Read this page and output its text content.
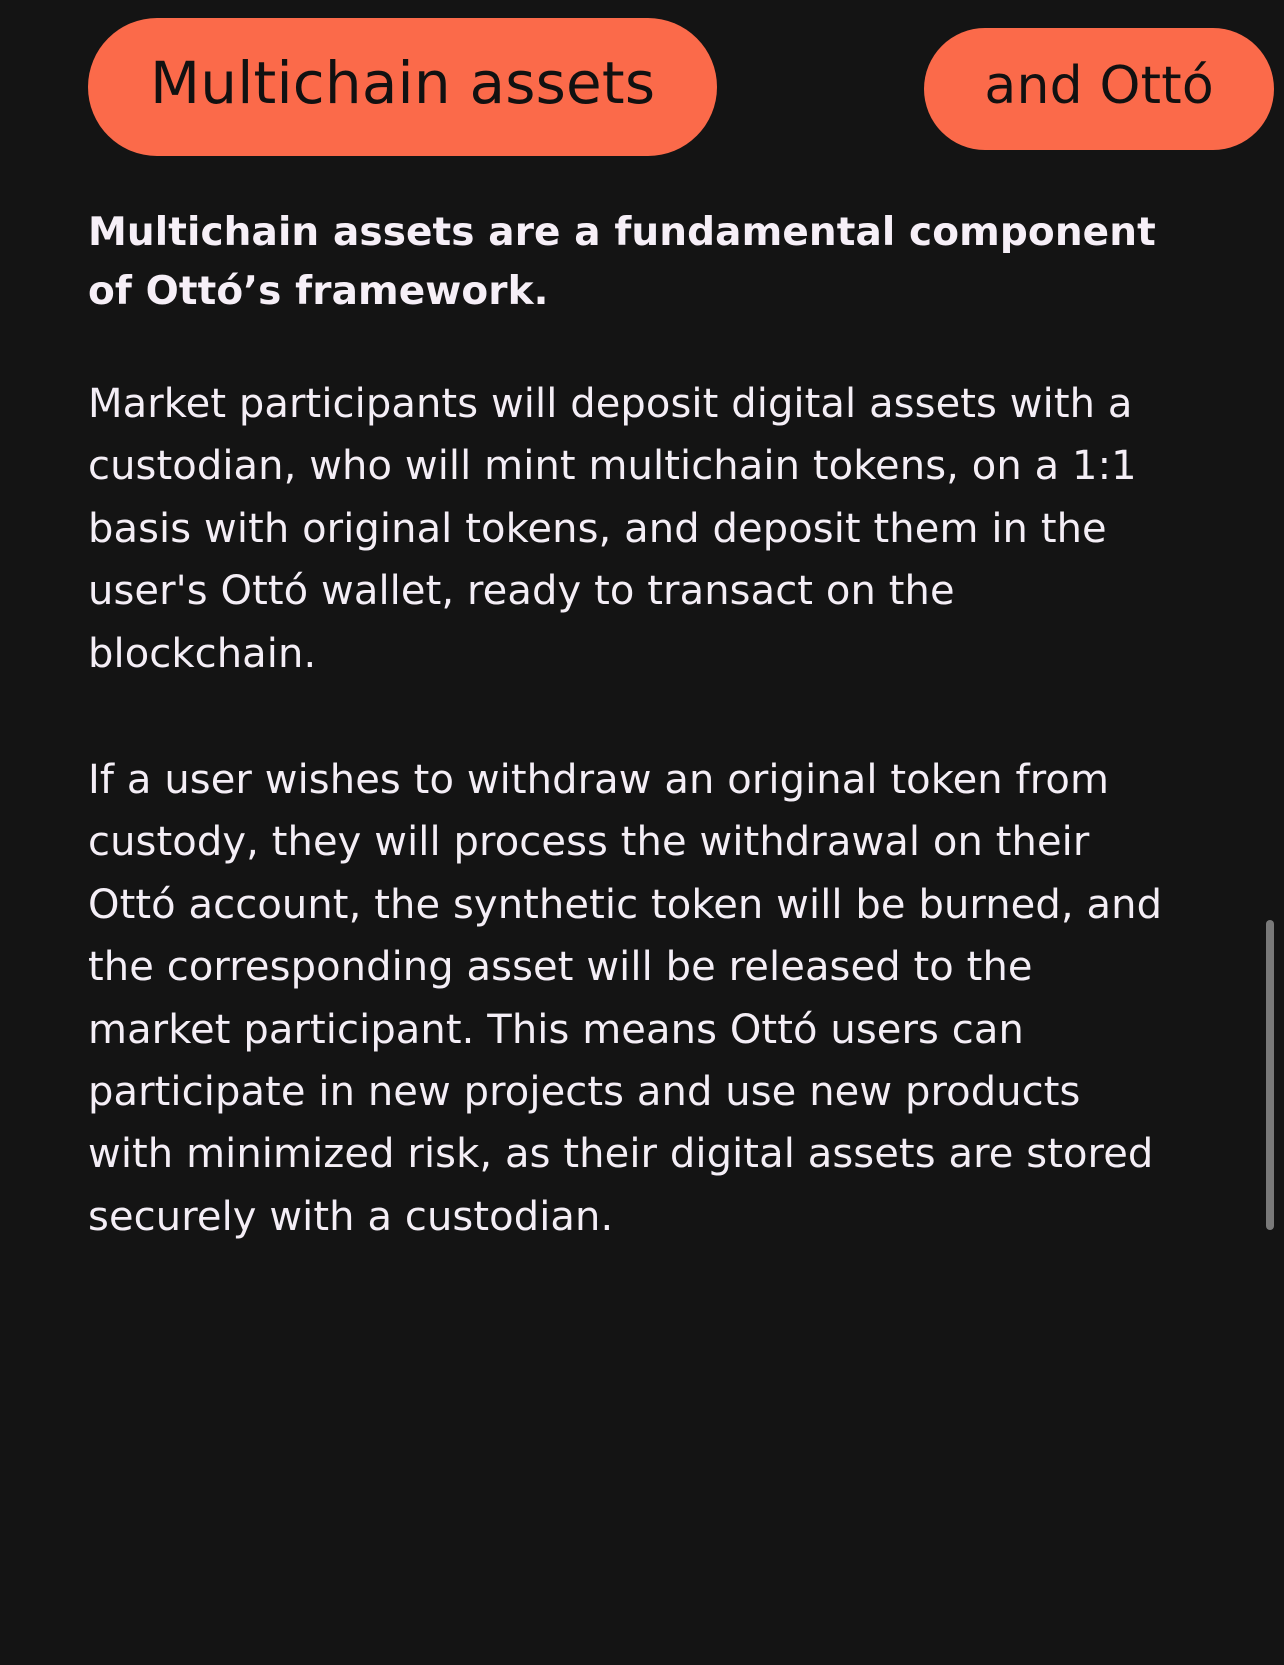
Multichain assets	and Ottó

Multichain assets are a fundamental component of Ottó’s framework.

Market participants will deposit digital assets with a custodian, who will mint multichain tokens, on a 1:1 basis with original tokens, and deposit them in the user's Ottó wallet, ready to transact on the blockchain.

If a user wishes to withdraw an original token from custody, they will process the withdrawal on their Ottó account, the synthetic token will be burned, and the corresponding asset will be released to the market participant. This means Ottó users can participate in new projects and use new products with minimized risk, as their digital assets are stored securely with a custodian.
